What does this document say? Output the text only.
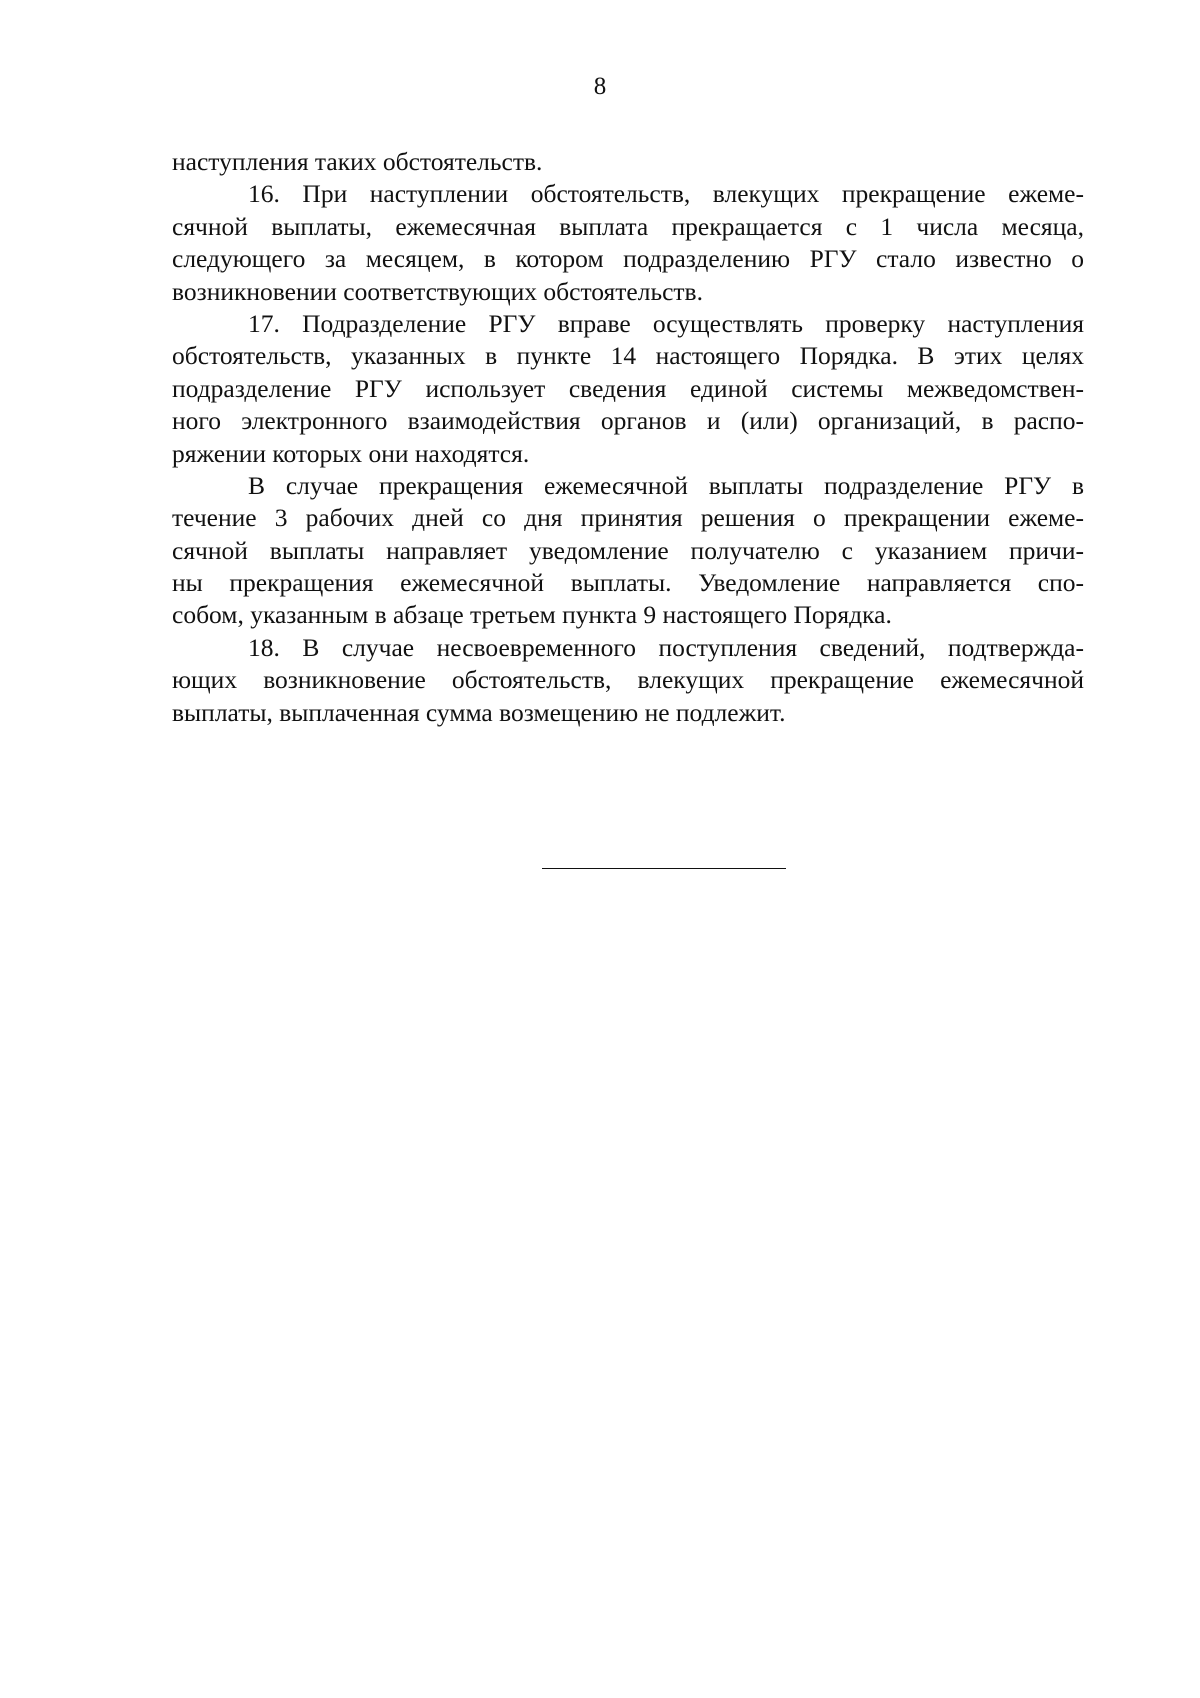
8
наступления таких обстоятельств.
16. При наступлении обстоятельств, влекущих прекращение ежеме-
сячной выплаты, ежемесячная выплата прекращается с 1 числа месяца,
следующего за месяцем, в котором подразделению РГУ стало известно о
возникновении соответствующих обстоятельств.
17. Подразделение РГУ вправе осуществлять проверку наступления
обстоятельств, указанных в пункте 14 настоящего Порядка. В этих целях
подразделение РГУ использует сведения единой системы межведомствен-
ного электронного взаимодействия органов и (или) организаций, в распо-
ряжении которых они находятся.
В случае прекращения ежемесячной выплаты подразделение РГУ в
течение 3 рабочих дней со дня принятия решения о прекращении ежеме-
сячной выплаты направляет уведомление получателю с указанием причи-
ны прекращения ежемесячной выплаты. Уведомление направляется спо-
собом, указанным в абзаце третьем пункта 9 настоящего Порядка.
18. В случае несвоевременного поступления сведений, подтвержда-
ющих возникновение обстоятельств, влекущих прекращение ежемесячной
выплаты, выплаченная сумма возмещению не подлежит.
